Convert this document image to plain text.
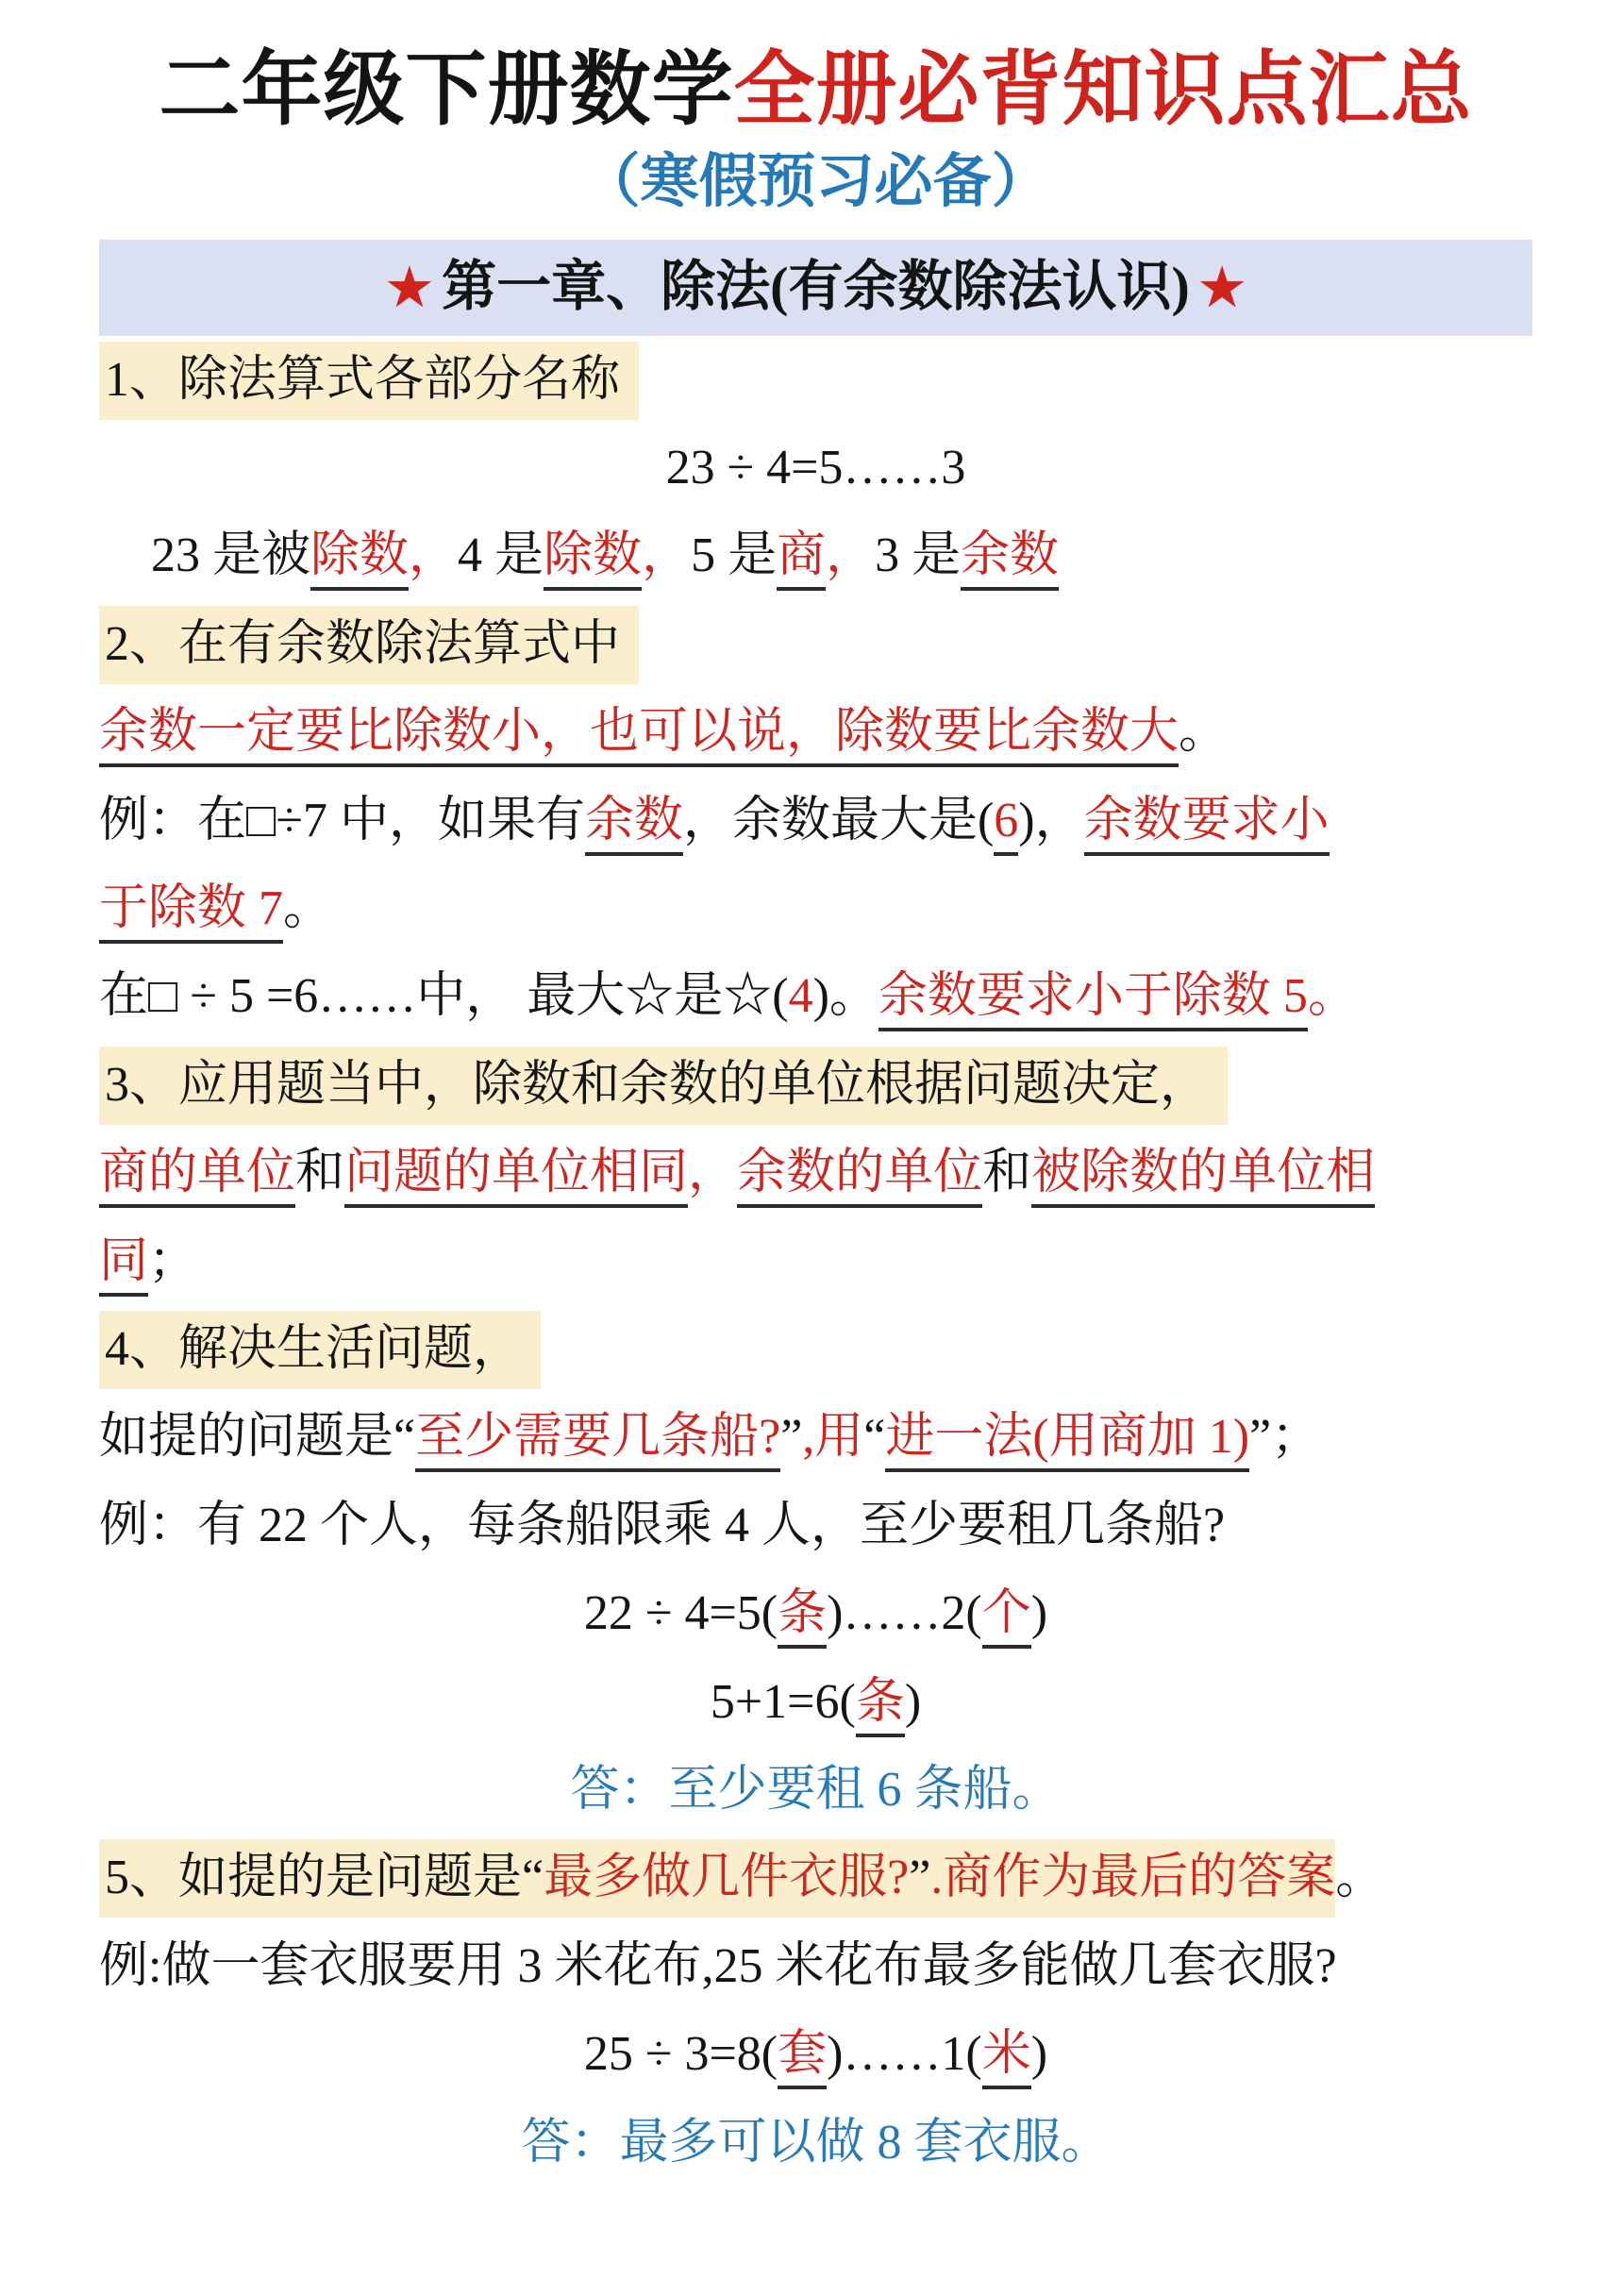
二年级下册数学全册必背知识点汇总
（寒假预习必备）
★ 第一章、除法(有余数除法认识) ★
1、除法算式各部分名称
23 ÷ 4=5……3
23 是被除数，4 是除数，5 是商，3 是余数
2、在有余数除法算式中
余数一定要比除数小，也可以说，除数要比余数大。
例：在□÷7 中，如果有余数，余数最大是(6)，余数要求小
于除数 7。
在□ ÷ 5 =6……中， 最大☆是☆(4)。余数要求小于除数 5。
3、应用题当中，除数和余数的单位根据问题决定，
商的单位和问题的单位相同，余数的单位和被除数的单位相
同；
4、解决生活问题，
如提的问题是“至少需要几条船?”,用“进一法(用商加 1)”；
例：有 22 个人，每条船限乘 4 人，至少要租几条船?
22 ÷ 4=5(条)……2(个)
5+1=6(条)
答：至少要租 6 条船。
5、如提的是问题是“最多做几件衣服?”.商作为最后的答案。
例:做一套衣服要用 3 米花布,25 米花布最多能做几套衣服?
25 ÷ 3=8(套)……1(米)
答：最多可以做 8 套衣服。
